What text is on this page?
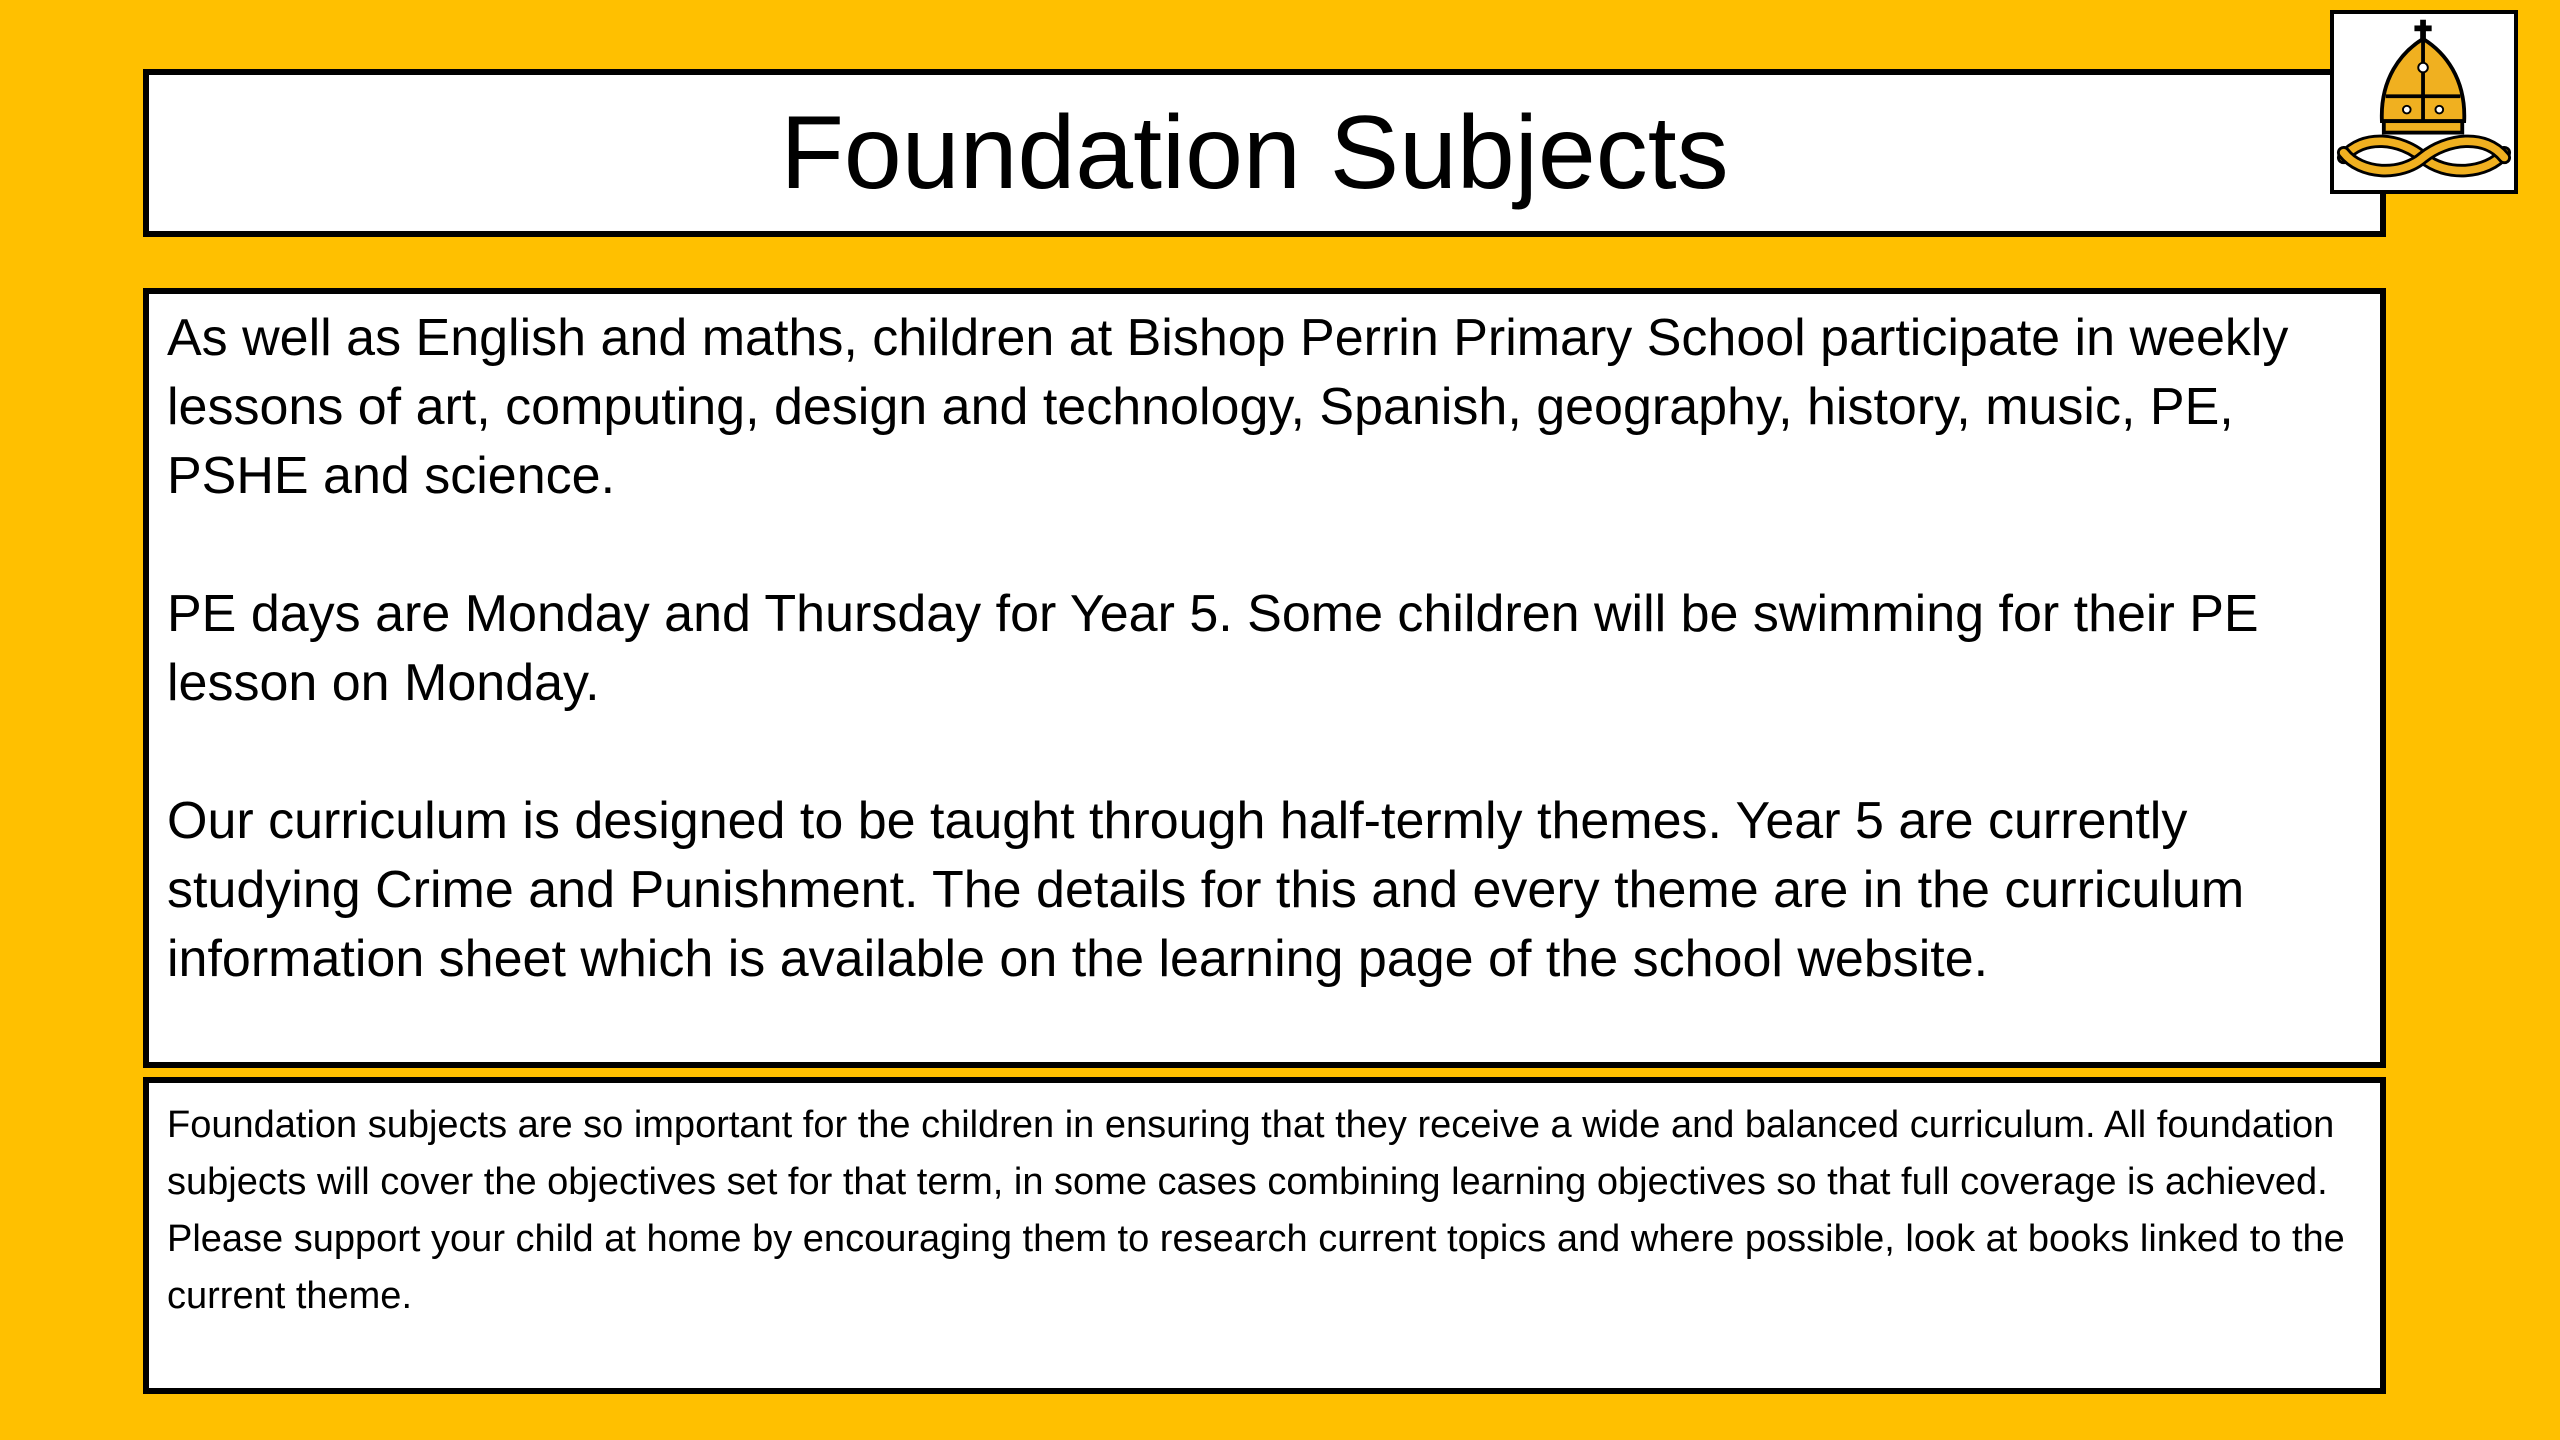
Foundation Subjects

As well as English and maths, children at Bishop Perrin Primary School participate in weekly lessons of art, computing, design and technology, Spanish, geography, history, music, PE, PSHE and science.

PE days are Monday and Thursday for Year 5. Some children will be swimming for their PE lesson on Monday.

Our curriculum is designed to be taught through half-termly themes. Year 5 are currently studying Crime and Punishment. The details for this and every theme are in the curriculum information sheet which is available on the learning page of the school website.

Foundation subjects are so important for the children in ensuring that they receive a wide and balanced curriculum. All foundation subjects will cover the objectives set for that term, in some cases combining learning objectives so that full coverage is achieved.

Please support your child at home by encouraging them to research current topics and where possible, look at books linked to the current theme.
